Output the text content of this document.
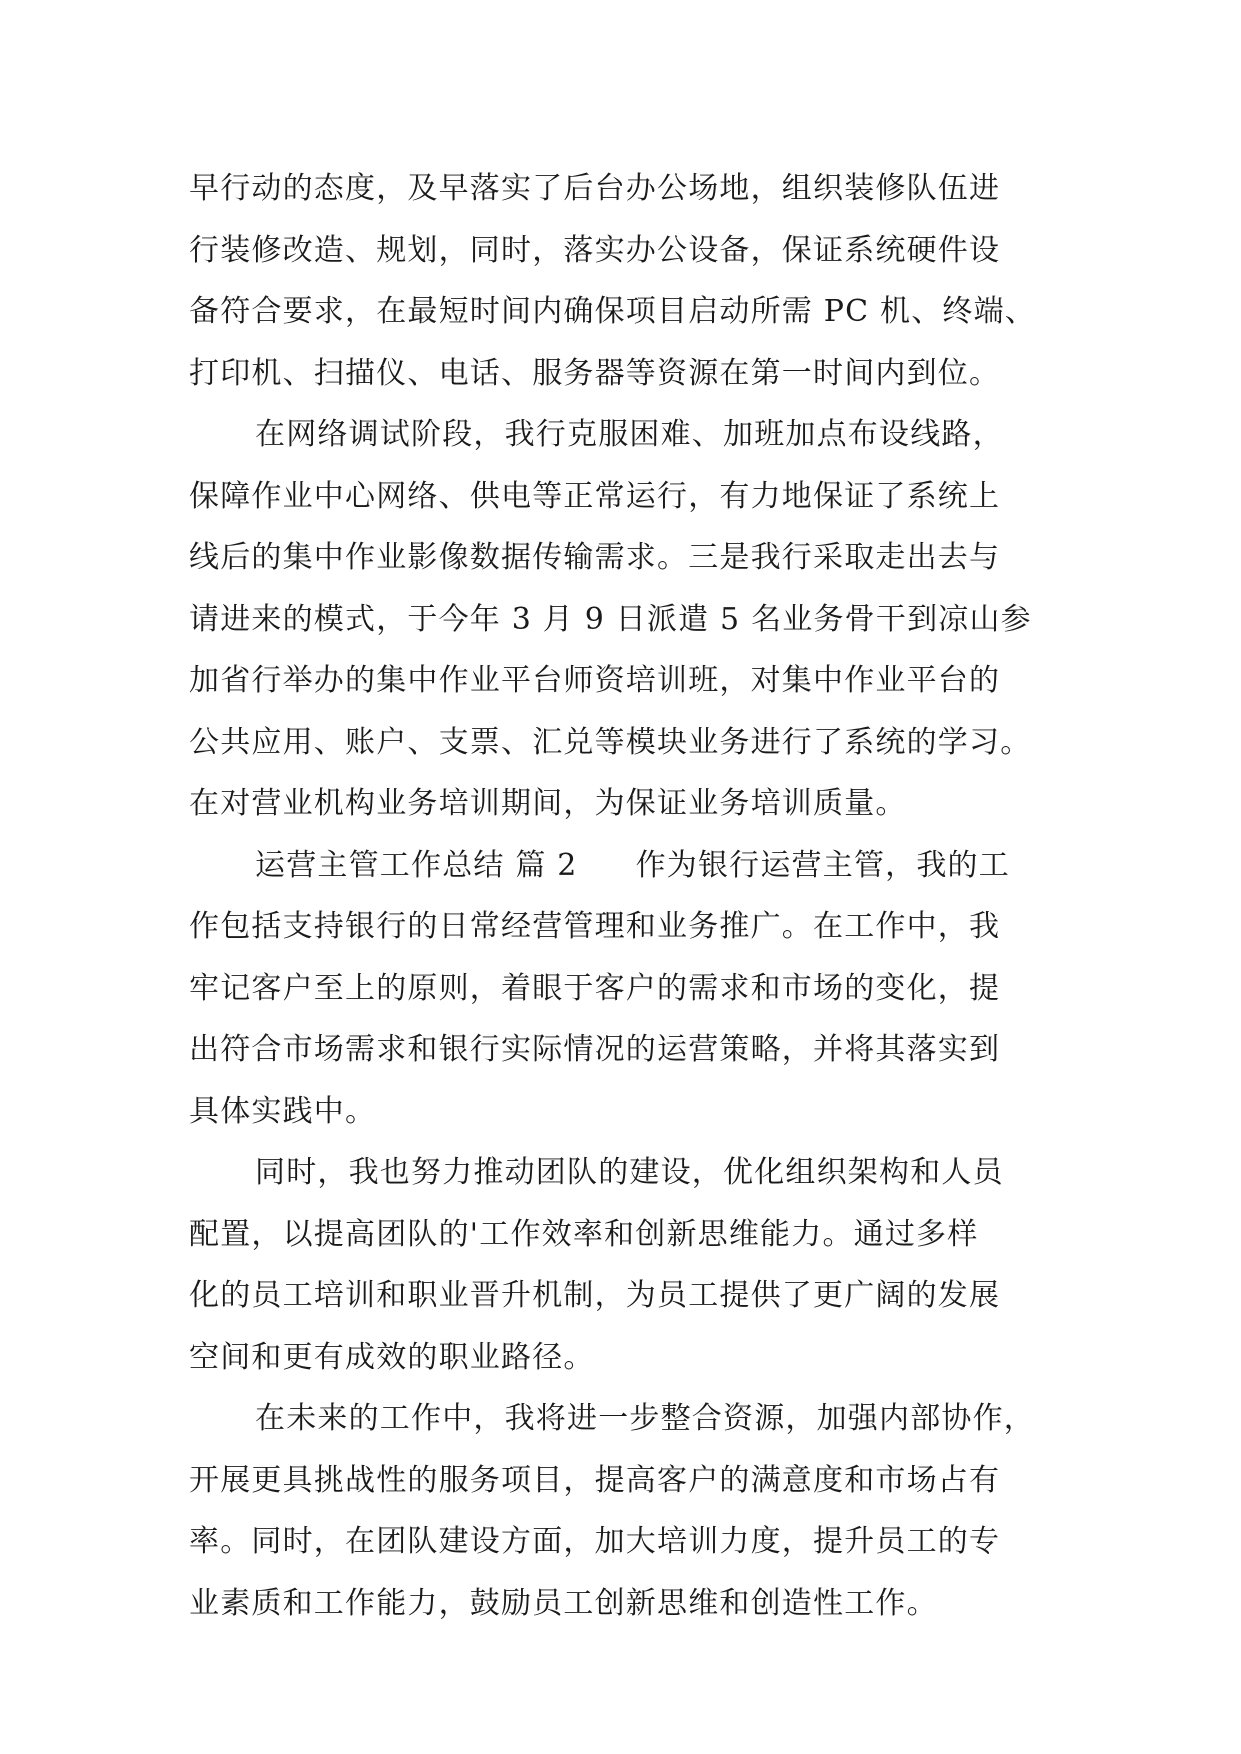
早行动的态度，及早落实了后台办公场地，组织装修队伍进
行装修改造、规划，同时，落实办公设备，保证系统硬件设
备符合要求，在最短时间内确保项目启动所需 PC 机、终端、
打印机、扫描仪、电话、服务器等资源在第一时间内到位。
在网络调试阶段，我行克服困难、加班加点布设线路，
保障作业中心网络、供电等正常运行，有力地保证了系统上
线后的集中作业影像数据传输需求。三是我行采取走出去与
请进来的模式，于今年 3 月 9 日派遣 5 名业务骨干到凉山参
加省行举办的集中作业平台师资培训班，对集中作业平台的
公共应用、账户、支票、汇兑等模块业务进行了系统的学习。
在对营业机构业务培训期间，为保证业务培训质量。
运营主管工作总结 篇 2 作为银行运营主管，我的工
作包括支持银行的日常经营管理和业务推广。在工作中，我
牢记客户至上的原则，着眼于客户的需求和市场的变化，提
出符合市场需求和银行实际情况的运营策略，并将其落实到
具体实践中。
同时，我也努力推动团队的建设，优化组织架构和人员
配置，以提高团队的'工作效率和创新思维能力。通过多样
化的员工培训和职业晋升机制，为员工提供了更广阔的发展
空间和更有成效的职业路径。
在未来的工作中，我将进一步整合资源，加强内部协作，
开展更具挑战性的服务项目，提高客户的满意度和市场占有
率。同时，在团队建设方面，加大培训力度，提升员工的专
业素质和工作能力，鼓励员工创新思维和创造性工作。
